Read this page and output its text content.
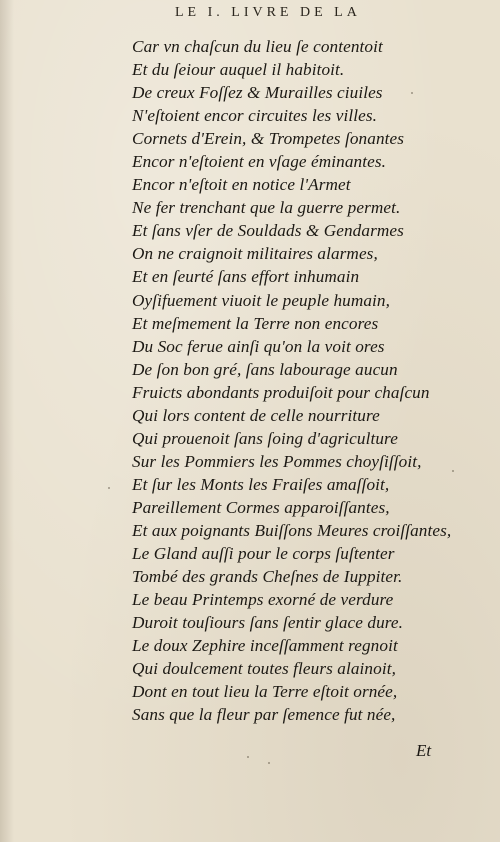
LE I. LIVRE DE LA
Car vn chaſcun du lieu ſe contentoit
Et du ſeiour auquel il habitoit.
De creux Foſſez & Murailles ciuiles
N'eſtoient encor circuites les villes.
Cornets d'Erein, & Trompetes ſonantes
Encor n'eſtoient en vſage éminantes.
Encor n'eſtoit en notice l'Armet
Ne fer trenchant que la guerre permet.
Et ſans vſer de Souldads & Gendarmes
On ne craignoit militaires alarmes,
Et en ſeurté ſans effort inhumain
Oyſifuement viuoit le peuple humain,
Et meſmement la Terre non encores
Du Soc ferue ainſi qu'on la voit ores
De ſon bon gré, ſans labourage aucun
Fruicts abondants produiſoit pour chaſcun
Qui lors content de celle nourriture
Qui prouenoit ſans ſoing d'agriculture
Sur les Pommiers les Pommes choyſiſſoit,
Et ſur les Monts les Fraiſes amaſſoit,
Pareillement Cormes apparoiſſantes,
Et aux poignants Buiſſons Meures croiſſantes,
Le Gland auſſi pour le corps ſuſtenter
Tombé des grands Cheſnes de Iuppiter.
Le beau Printemps exorné de verdure
Duroit touſiours ſans ſentir glace dure.
Le doux Zephire inceſſamment regnoit
Qui doulcement toutes fleurs alainoit,
Dont en tout lieu la Terre eſtoit ornée,
Sans que la fleur par ſemence fut née,
Et
